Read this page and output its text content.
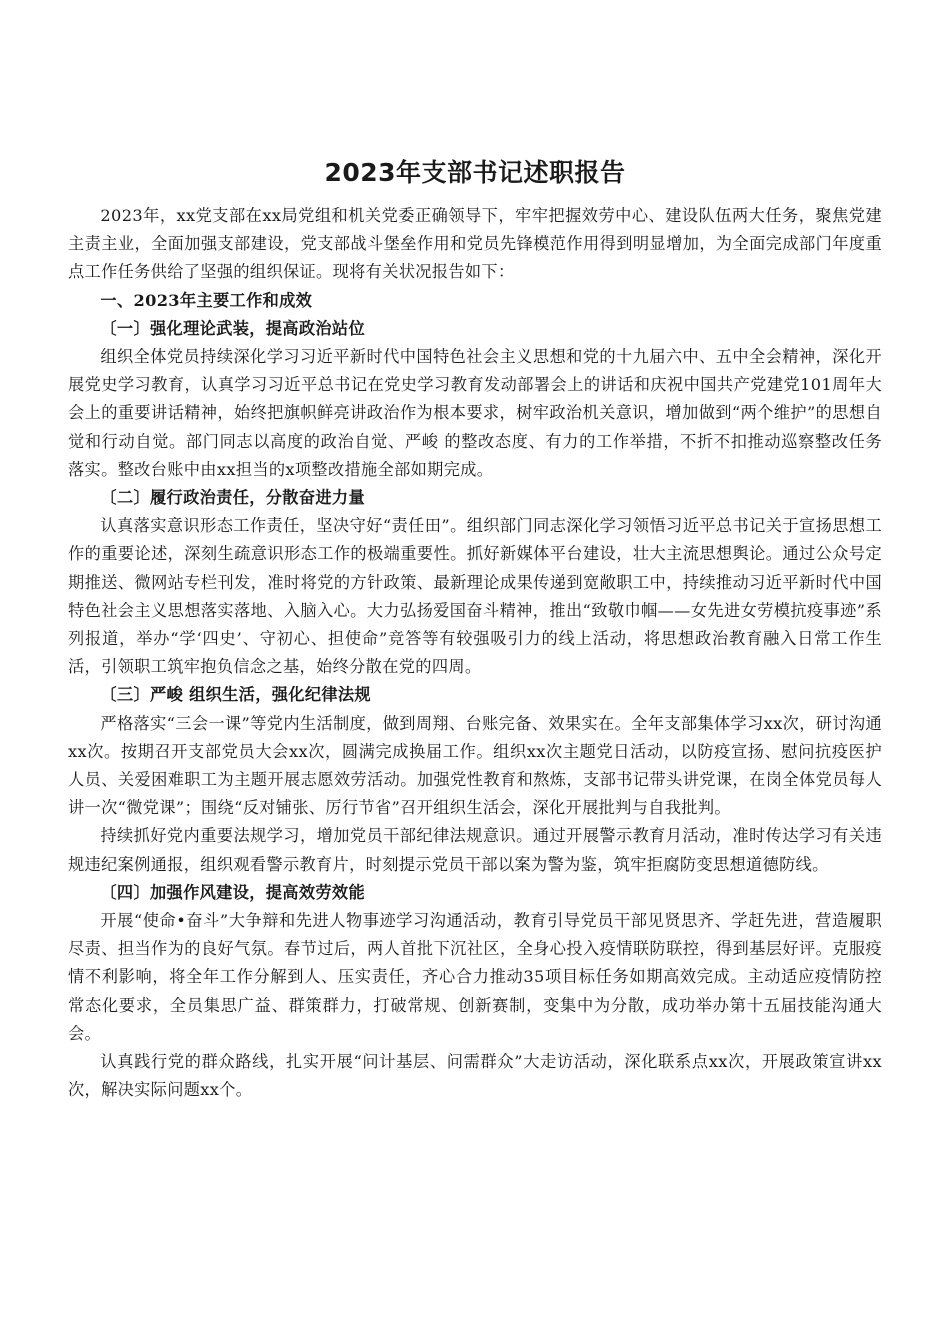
2023年支部书记述职报告

2023年，xx党支部在xx局党组和机关党委正确领导下，牢牢把握效劳中心、建设队伍两大任务，聚焦党建主责主业，全面加强支部建设，党支部战斗堡垒作用和党员先锋模范作用得到明显增加，为全面完成部门年度重点工作任务供给了坚强的组织保证。现将有关状况报告如下：

一、2023年主要工作和成效

〔一〕强化理论武装，提高政治站位

组织全体党员持续深化学习习近平新时代中国特色社会主义思想和党的十九届六中、五中全会精神，深化开展党史学习教育，认真学习习近平总书记在党史学习教育发动部署会上的讲话和庆祝中国共产党建党101周年大会上的重要讲话精神，始终把旗帜鲜亮讲政治作为根本要求，树牢政治机关意识，增加做到“两个维护”的思想自觉和行动自觉。部门同志以高度的政治自觉、严峻 的整改态度、有力的工作举措，不折不扣推动巡察整改任务落实。整改台账中由xx担当的x项整改措施全部如期完成。

〔二〕履行政治责任，分散奋进力量

认真落实意识形态工作责任，坚决守好“责任田”。组织部门同志深化学习领悟习近平总书记关于宣扬思想工作的重要论述，深刻生疏意识形态工作的极端重要性。抓好新媒体平台建设，壮大主流思想舆论。通过公众号定期推送、微网站专栏刊发，准时将党的方针政策、最新理论成果传递到宽敞职工中，持续推动习近平新时代中国特色社会主义思想落实落地、入脑入心。大力弘扬爱国奋斗精神，推出“致敬巾帼——女先进女劳模抗疫事迹”系列报道，举办“学‘四史’、守初心、担使命”竞答等有较强吸引力的线上活动，将思想政治教育融入日常工作生活，引领职工筑牢抱负信念之基，始终分散在党的四周。

〔三〕严峻 组织生活，强化纪律法规

严格落实“三会一课”等党内生活制度，做到周翔、台账完备、效果实在。全年支部集体学习xx次，研讨沟通xx次。按期召开支部党员大会xx次，圆满完成换届工作。组织xx次主题党日活动，以防疫宣扬、慰问抗疫医护人员、关爱困难职工为主题开展志愿效劳活动。加强党性教育和熬炼，支部书记带头讲党课，在岗全体党员每人讲一次“微党课”；围绕“反对铺张、厉行节省”召开组织生活会，深化开展批判与自我批判。

持续抓好党内重要法规学习，增加党员干部纪律法规意识。通过开展警示教育月活动，准时传达学习有关违规违纪案例通报，组织观看警示教育片，时刻提示党员干部以案为警为鉴，筑牢拒腐防变思想道德防线。

〔四〕加强作风建设，提高效劳效能

开展“使命•奋斗”大争辩和先进人物事迹学习沟通活动，教育引导党员干部见贤思齐、学赶先进，营造履职尽责、担当作为的良好气氛。春节过后，两人首批下沉社区，全身心投入疫情联防联控，得到基层好评。克服疫情不利影响，将全年工作分解到人、压实责任，齐心合力推动35项目标任务如期高效完成。主动适应疫情防控常态化要求，全员集思广益、群策群力，打破常规、创新赛制，变集中为分散，成功举办第十五届技能沟通大会。

认真践行党的群众路线，扎实开展“问计基层、问需群众”大走访活动，深化联系点xx次，开展政策宣讲xx次，解决实际问题xx个。
